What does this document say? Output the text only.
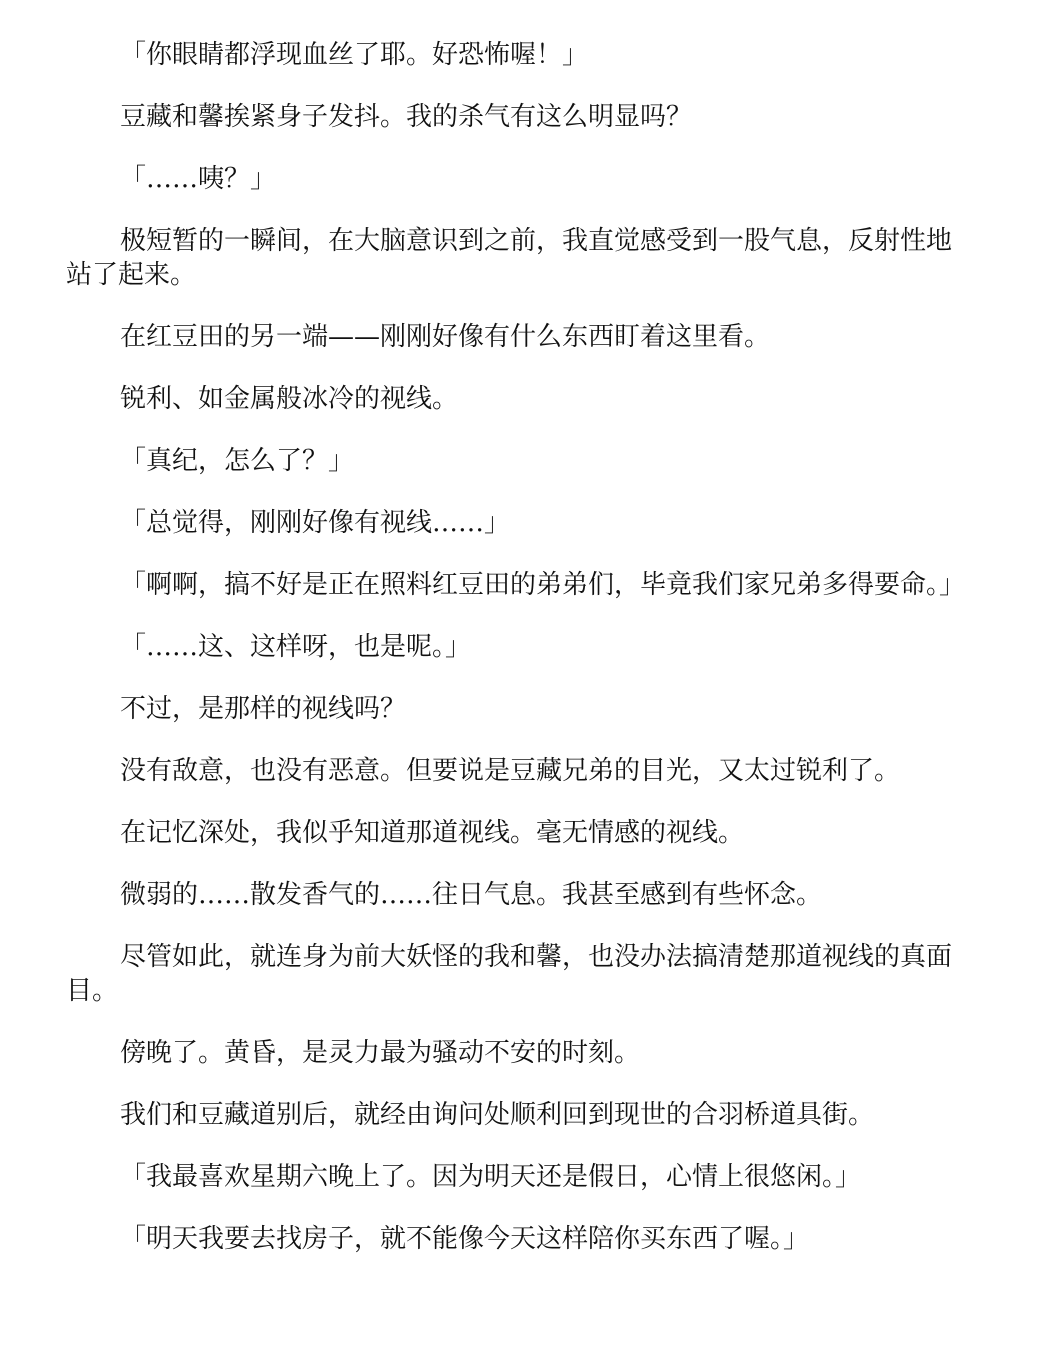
「你眼睛都浮现血丝了耶。好恐怖喔！」

豆藏和馨挨紧身子发抖。我的杀气有这么明显吗？

「……咦？」

极短暂的一瞬间，在大脑意识到之前，我直觉感受到一股气息，反射性地站了起来。

在红豆田的另一端——刚刚好像有什么东西盯着这里看。

锐利、如金属般冰冷的视线。

「真纪，怎么了？」

「总觉得，刚刚好像有视线……」

「啊啊，搞不好是正在照料红豆田的弟弟们，毕竟我们家兄弟多得要命。」

「……这、这样呀，也是呢。」

不过，是那样的视线吗？

没有敌意，也没有恶意。但要说是豆藏兄弟的目光，又太过锐利了。

在记忆深处，我似乎知道那道视线。毫无情感的视线。

微弱的……散发香气的……往日气息。我甚至感到有些怀念。

尽管如此，就连身为前大妖怪的我和馨，也没办法搞清楚那道视线的真面目。

傍晚了。黄昏，是灵力最为骚动不安的时刻。

我们和豆藏道别后，就经由询问处顺利回到现世的合羽桥道具街。

「我最喜欢星期六晚上了。因为明天还是假日，心情上很悠闲。」

「明天我要去找房子，就不能像今天这样陪你买东西了喔。」
